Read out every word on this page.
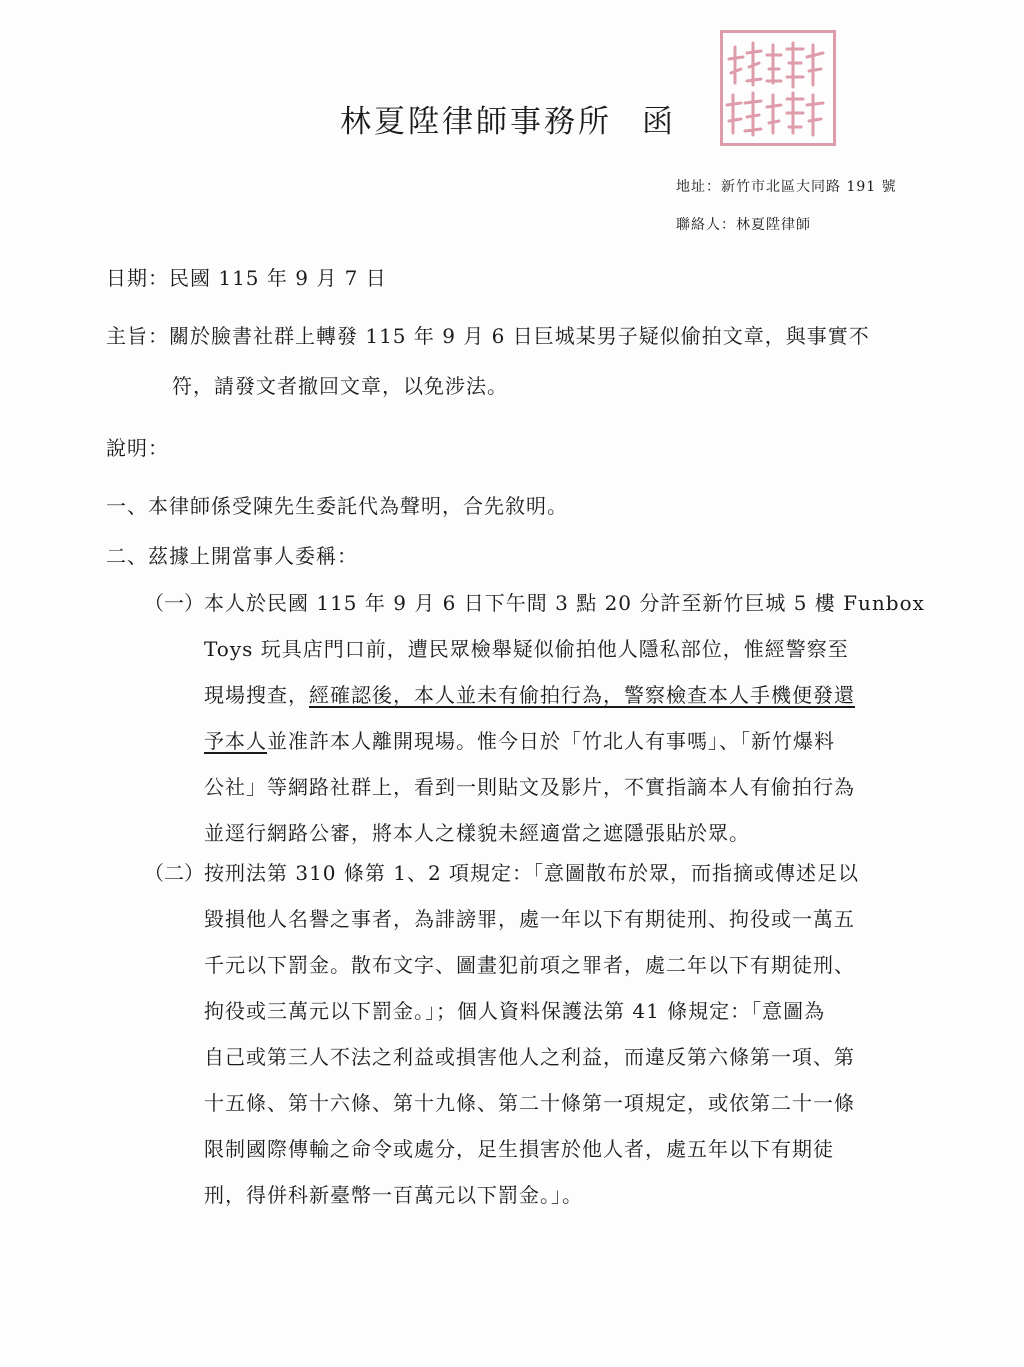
林夏陞律師事務所 函
地址：新竹市北區大同路 191 號
聯絡人：林夏陞律師
日期：民國 115 年 9 月 7 日
主旨：關於臉書社群上轉發 115 年 9 月 6 日巨城某男子疑似偷拍文章，與事實不
符，請發文者撤回文章，以免涉法。
說明：
一、本律師係受陳先生委託代為聲明，合先敘明。
二、茲據上開當事人委稱：
（一） 本人於民國 115 年 9 月 6 日下午間 3 點 20 分許至新竹巨城 5 樓 Funbox
Toys 玩具店門口前，遭民眾檢舉疑似偷拍他人隱私部位，惟經警察至
現場搜查，經確認後，本人並未有偷拍行為，警察檢查本人手機便發還
予本人並准許本人離開現場。惟今日於「竹北人有事嗎」、「新竹爆料
公社」等網路社群上，看到一則貼文及影片，不實指謫本人有偷拍行為
並逕行網路公審，將本人之樣貌未經適當之遮隱張貼於眾。
（二） 按刑法第 310 條第 1、2 項規定：「意圖散布於眾，而指摘或傳述足以
毀損他人名譽之事者，為誹謗罪，處一年以下有期徒刑、拘役或一萬五
千元以下罰金。散布文字、圖畫犯前項之罪者，處二年以下有期徒刑、
拘役或三萬元以下罰金。」；個人資料保護法第 41 條規定：「意圖為
自己或第三人不法之利益或損害他人之利益，而違反第六條第一項、第
十五條、第十六條、第十九條、第二十條第一項規定，或依第二十一條
限制國際傳輸之命令或處分，足生損害於他人者，處五年以下有期徒
刑，得併科新臺幣一百萬元以下罰金。」。
